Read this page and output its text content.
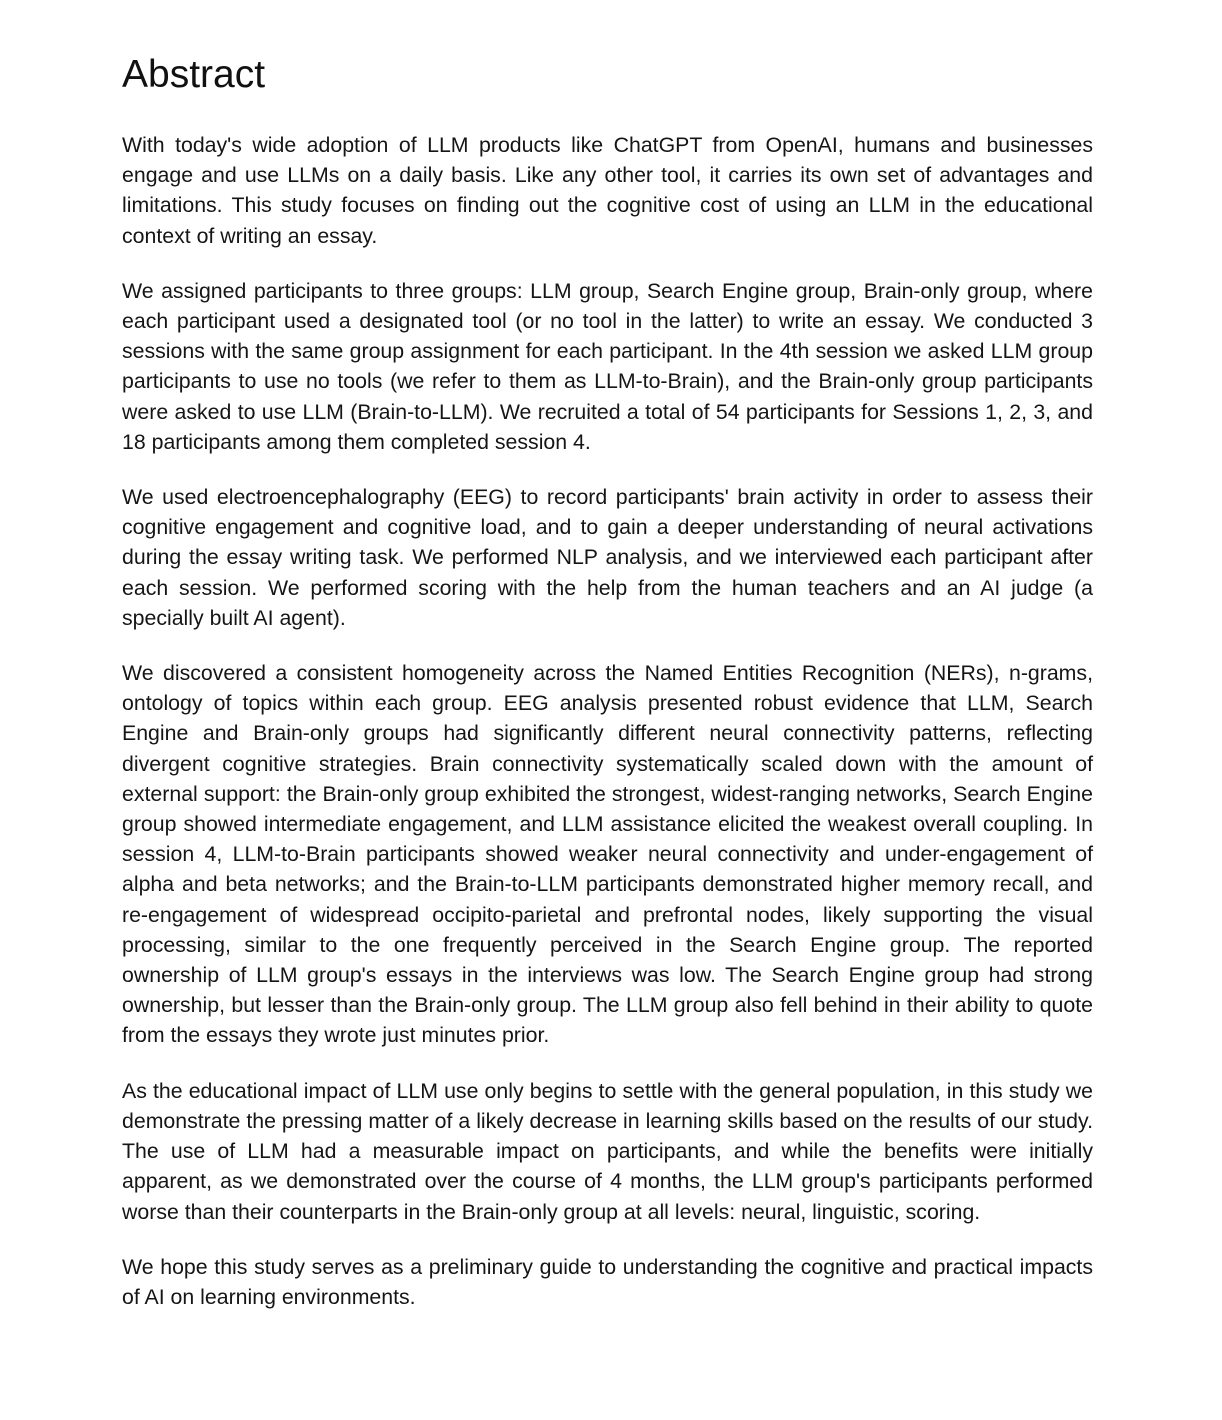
Abstract

With today's wide adoption of LLM products like ChatGPT from OpenAI, humans and businesses engage and use LLMs on a daily basis. Like any other tool, it carries its own set of advantages and limitations. This study focuses on finding out the cognitive cost of using an LLM in the educational context of writing an essay.

We assigned participants to three groups: LLM group, Search Engine group, Brain-only group, where each participant used a designated tool (or no tool in the latter) to write an essay. We conducted 3 sessions with the same group assignment for each participant. In the 4th session we asked LLM group participants to use no tools (we refer to them as LLM-to-Brain), and the Brain-only group participants were asked to use LLM (Brain-to-LLM). We recruited a total of 54 participants for Sessions 1, 2, 3, and 18 participants among them completed session 4.

We used electroencephalography (EEG) to record participants' brain activity in order to assess their cognitive engagement and cognitive load, and to gain a deeper understanding of neural activations during the essay writing task. We performed NLP analysis, and we interviewed each participant after each session. We performed scoring with the help from the human teachers and an AI judge (a specially built AI agent).

We discovered a consistent homogeneity across the Named Entities Recognition (NERs), n-grams, ontology of topics within each group. EEG analysis presented robust evidence that LLM, Search Engine and Brain-only groups had significantly different neural connectivity patterns, reflecting divergent cognitive strategies. Brain connectivity systematically scaled down with the amount of external support: the Brain‑only group exhibited the strongest, widest‑ranging networks, Search Engine group showed intermediate engagement, and LLM assistance elicited the weakest overall coupling. In session 4, LLM-to-Brain participants showed weaker neural connectivity and under-engagement of alpha and beta networks; and the Brain-to-LLM participants demonstrated higher memory recall, and re‑engagement of widespread occipito-parietal and prefrontal nodes, likely supporting the visual processing, similar to the one frequently perceived in the Search Engine group. The reported ownership of LLM group's essays in the interviews was low. The Search Engine group had strong ownership, but lesser than the Brain-only group. The LLM group also fell behind in their ability to quote from the essays they wrote just minutes prior.

As the educational impact of LLM use only begins to settle with the general population, in this study we demonstrate the pressing matter of a likely decrease in learning skills based on the results of our study. The use of LLM had a measurable impact on participants, and while the benefits were initially apparent, as we demonstrated over the course of 4 months, the LLM group's participants performed worse than their counterparts in the Brain-only group at all levels: neural, linguistic, scoring.

We hope this study serves as a preliminary guide to understanding the cognitive and practical impacts of AI on learning environments.
